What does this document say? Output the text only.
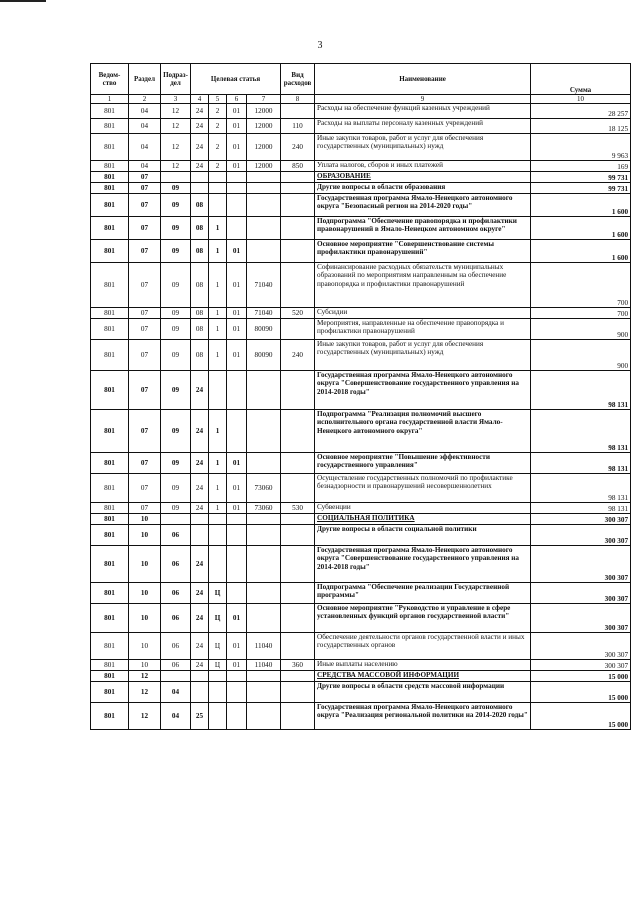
3
Ведом-ство	Раздел	Подраз-дел	Целевая статья				Вид расходов	Наименование	Сумма
1	2	3	4	5	6	7	8	9	10
801	04	12	24	2	01	12000		Расходы на обеспечение функций казенных учреждений	28 257
801	04	12	24	2	01	12000	110	Расходы на выплаты персоналу казенных учреждений	18 125
801	04	12	24	2	01	12000	240	Иные закупки товаров, работ и услуг для обеспечения государственных (муниципальных) нужд	9 963
801	04	12	24	2	01	12000	850	Уплата налогов, сборов и иных платежей	169
801	07							ОБРАЗОВАНИЕ	99 731
801	07	09						Другие вопросы в области образования	99 731
801	07	09	08					Государственная программа Ямало-Ненецкого автономного округа "Безопасный регион на 2014-2020 годы"	1 600
801	07	09	08	1				Подпрограмма "Обеспечение правопорядка и профилактики правонарушений в Ямало-Ненецком автономном округе"	1 600
801	07	09	08	1	01			Основное мероприятие "Совершенствование системы профилактики правонарушений"	1 600
801	07	09	08	1	01	71040		Софинансирование расходных обязательств муниципальных образований по мероприятиям направленным на обеспечение правопорядка и профилактики правонарушений	700
801	07	09	08	1	01	71040	520	Субсидии	700
801	07	09	08	1	01	80090		Мероприятия, направленные на обеспечение правопорядка и профилактики правонарушений	900
801	07	09	08	1	01	80090	240	Иные закупки товаров, работ и услуг для обеспечения государственных (муниципальных) нужд	900
801	07	09	24					Государственная программа Ямало-Ненецкого автономного округа "Совершенствование государственного управления на 2014-2018 годы"	98 131
801	07	09	24	1				Подпрограмма "Реализация полномочий высшего исполнительного органа государственной власти Ямало-Ненецкого автономного округа"	98 131
801	07	09	24	1	01			Основное мероприятие "Повышение эффективности государственного управления"	98 131
801	07	09	24	1	01	73060		Осуществление государственных полномочий по профилактике безнадзорности и правонарушений несовершеннолетних	98 131
801	07	09	24	1	01	73060	530	Субвенции	98 131
801	10							СОЦИАЛЬНАЯ ПОЛИТИКА	300 307
801	10	06						Другие вопросы в области социальной политики	300 307
801	10	06	24					Государственная программа Ямало-Ненецкого автономного округа "Совершенствование государственного управления на 2014-2018 годы"	300 307
801	10	06	24	Ц				Подпрограмма "Обеспечение реализации Государственной программы"	300 307
801	10	06	24	Ц	01			Основное мероприятие "Руководство и управление в сфере установленных функций органов государственной власти"	300 307
801	10	06	24	Ц	01	11040		Обеспечение деятельности органов государственной власти и иных государственных органов	300 307
801	10	06	24	Ц	01	11040	360	Иные выплаты населению	300 307
801	12							СРЕДСТВА МАССОВОЙ ИНФОРМАЦИИ	15 000
801	12	04						Другие вопросы в области средств массовой информации	15 000
801	12	04	25					Государственная программа Ямало-Ненецкого автономного округа "Реализация региональной политики на 2014-2020 годы"	15 000
